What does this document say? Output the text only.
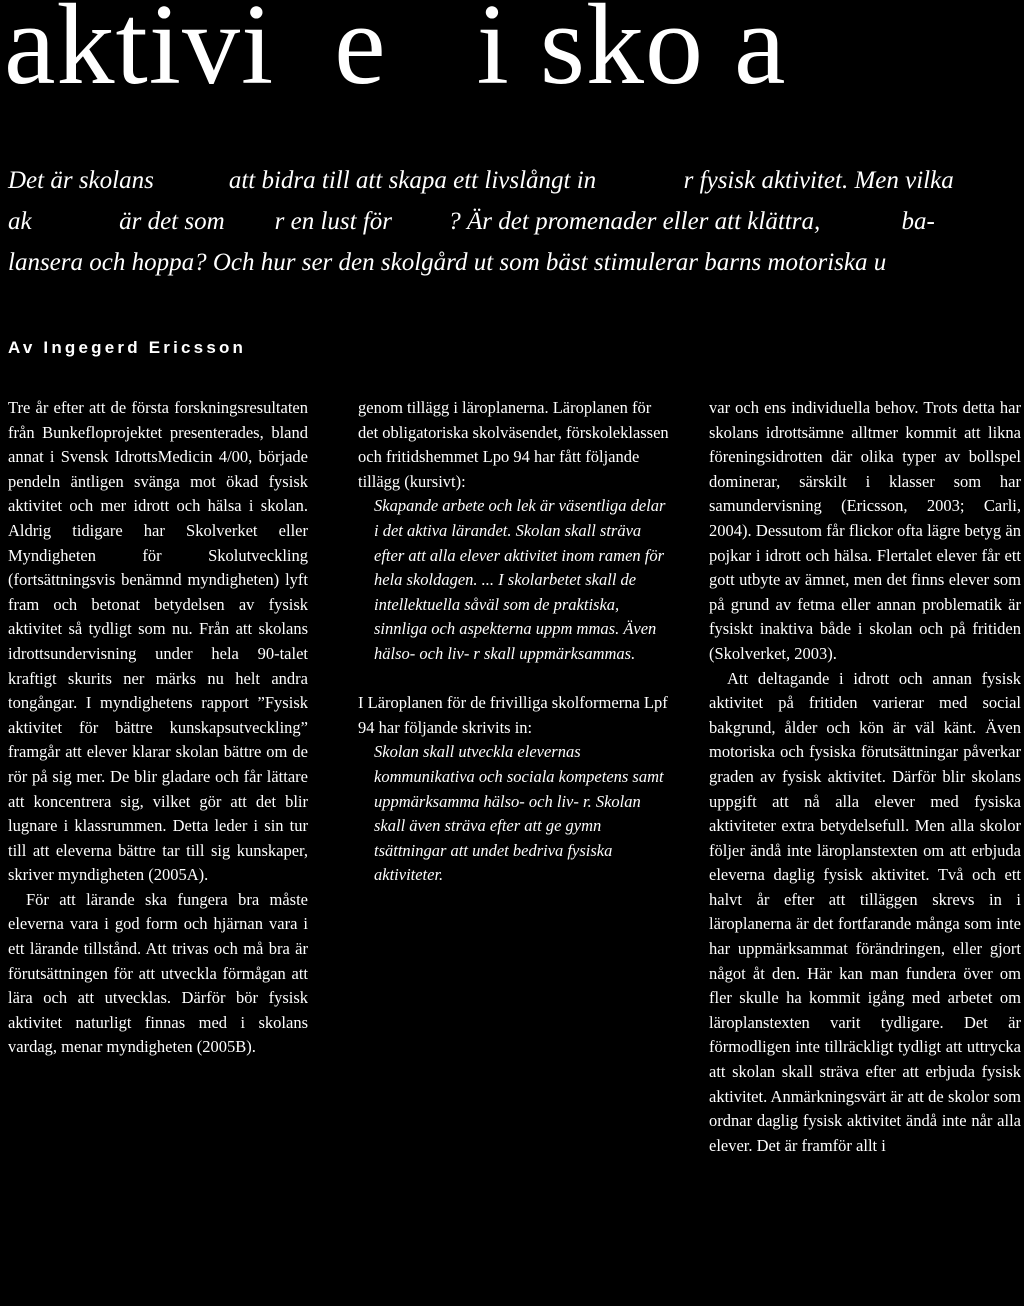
aktivi  e   i sko a
Det är skolans            att bidra till att skapa ett livslångt in              r fysisk aktivitet. Men vilka
ak              är det som        r en lust för         ? Är det promenader eller att klättra,             ba-
lansera och hoppa? Och hur ser den skolgård ut som bäst stimulerar barns motoriska u
Av Ingegerd Ericsson

Tre år efter att de första forskningsresultaten från Bunkefloprojektet presenterades, bland annat i Svensk IdrottsMedicin 4/00, började pendeln äntligen svänga mot ökad fysisk aktivitet och mer idrott och hälsa i skolan. Aldrig tidigare har Skolverket eller Myndigheten för Skolutveckling (fortsättningsvis benämnd myndigheten) lyft fram och betonat betydelsen av fysisk aktivitet så tydligt som nu. Från att skolans idrottsundervisning under hela 90-talet kraftigt skurits ner märks nu helt andra tongångar. I myndighetens rapport ”Fysisk aktivitet för bättre kunskapsutveckling” framgår att elever klarar skolan bättre om de rör på sig mer. De blir gladare och får lättare att koncentrera sig, vilket gör att det blir lugnare i klassrummen. Detta leder i sin tur till att eleverna bättre tar till sig kunskaper, skriver myndigheten (2005A).

För att lärande ska fungera bra måste eleverna vara i god form och hjärnan vara i ett lärande tillstånd. Att trivas och må bra är förutsättningen för att utveckla förmågan att lära och att utvecklas. Därför bör fysisk aktivitet naturligt finnas med i skolans vardag, menar myndigheten (2005B).

genom tillägg i läroplanerna. Läroplanen för det obligatoriska skolväsendet, förskoleklassen och fritidshemmet Lpo 94 har fått följande tillägg (kursivt):

Skapande arbete och lek är väsentliga delar i det aktiva lärandet. Skolan skall sträva efter att alla elever aktivitet inom ramen för hela skoldagen. ... I skolarbetet skall de intellektuella såväl som de praktiska, sinnliga och aspekterna uppm mmas. Även hälso- och liv- r skall uppmärksammas.

I Läroplanen för de frivilliga skolformerna Lpf 94 har följande skrivits in:

Skolan skall utveckla elevernas kommunikativa och sociala kompetens samt uppmärksamma hälso- och liv- r. Skolan skall även sträva efter att ge gymn tsättningar att undet bedriva fysiska aktiviteter.

var och ens individuella behov. Trots detta har skolans idrottsämne alltmer kommit att likna föreningsidrotten där olika typer av bollspel dominerar, särskilt i klasser som har samundervisning (Ericsson, 2003; Carli, 2004). Dessutom får flickor ofta lägre betyg än pojkar i idrott och hälsa. Flertalet elever får ett gott utbyte av ämnet, men det finns elever som på grund av fetma eller annan problematik är fysiskt inaktiva både i skolan och på fritiden (Skolverket, 2003).

Att deltagande i idrott och annan fysisk aktivitet på fritiden varierar med social bakgrund, ålder och kön är väl känt. Även motoriska och fysiska förutsättningar påverkar graden av fysisk aktivitet. Därför blir skolans uppgift att nå alla elever med fysiska aktiviteter extra betydelsefull. Men alla skolor följer ändå inte läroplanstexten om att erbjuda eleverna daglig fysisk aktivitet. Två och ett halvt år efter att tilläggen skrevs in i läroplanerna är det fortfarande många som inte har uppmärksammat förändringen, eller gjort något åt den. Här kan man fundera över om fler skulle ha kommit igång med arbetet om läroplanstexten varit tydligare. Det är förmodligen inte tillräckligt tydligt att uttrycka att skolan skall sträva efter att erbjuda fysisk aktivitet. Anmärkningsvärt är att de skolor som ordnar daglig fysisk aktivitet ändå inte når alla elever. Det är framför allt i
